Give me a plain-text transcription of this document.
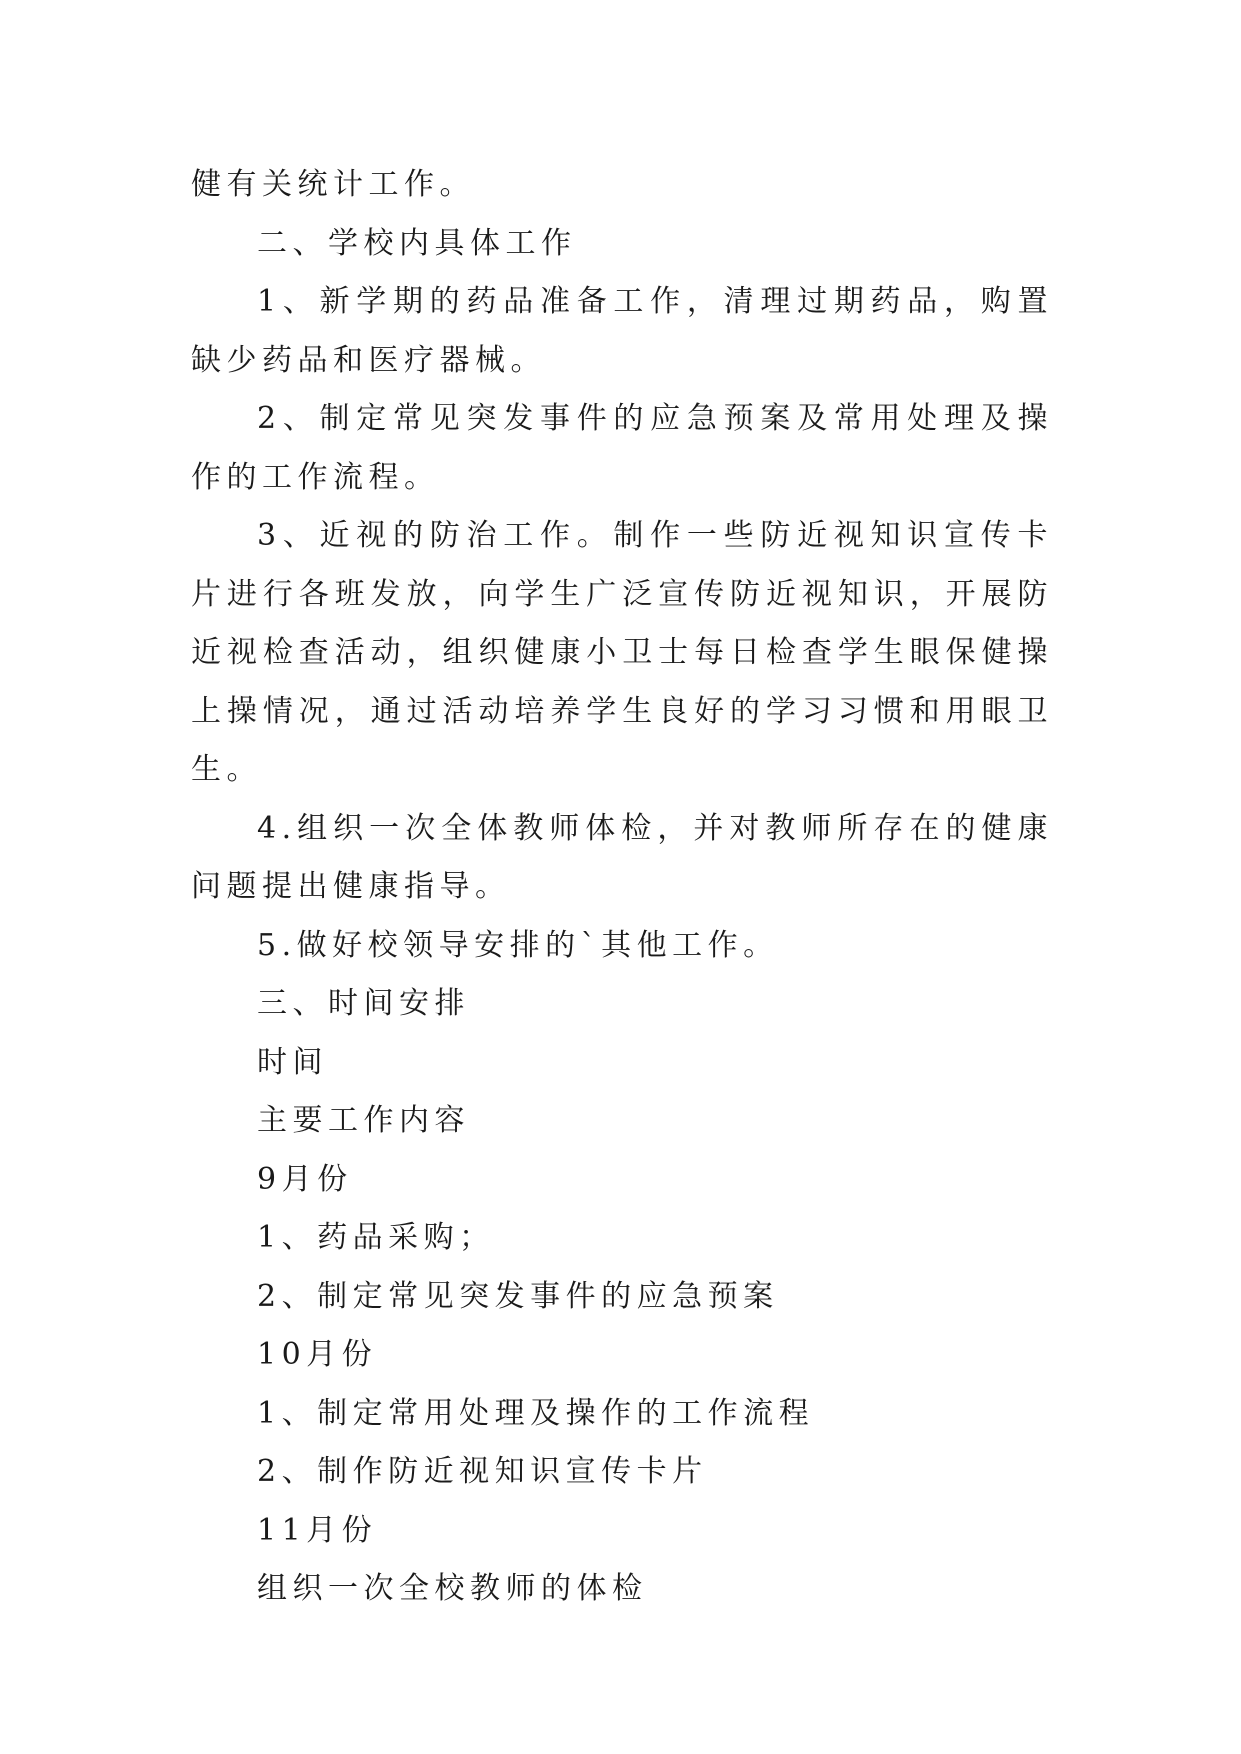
健有关统计工作。

二、学校内具体工作

1、新学期的药品准备工作，清理过期药品，购置缺少药品和医疗器械。

2、制定常见突发事件的应急预案及常用处理及操作的工作流程。

3、近视的防治工作。制作一些防近视知识宣传卡片进行各班发放，向学生广泛宣传防近视知识，开展防近视检查活动，组织健康小卫士每日检查学生眼保健操上操情况，通过活动培养学生良好的学习习惯和用眼卫生。

4.组织一次全体教师体检，并对教师所存在的健康问题提出健康指导。

5.做好校领导安排的`其他工作。

三、时间安排

时间

主要工作内容

9月份

1、药品采购；

2、制定常见突发事件的应急预案

10月份

1、制定常用处理及操作的工作流程

2、制作防近视知识宣传卡片

11月份

组织一次全校教师的体检
